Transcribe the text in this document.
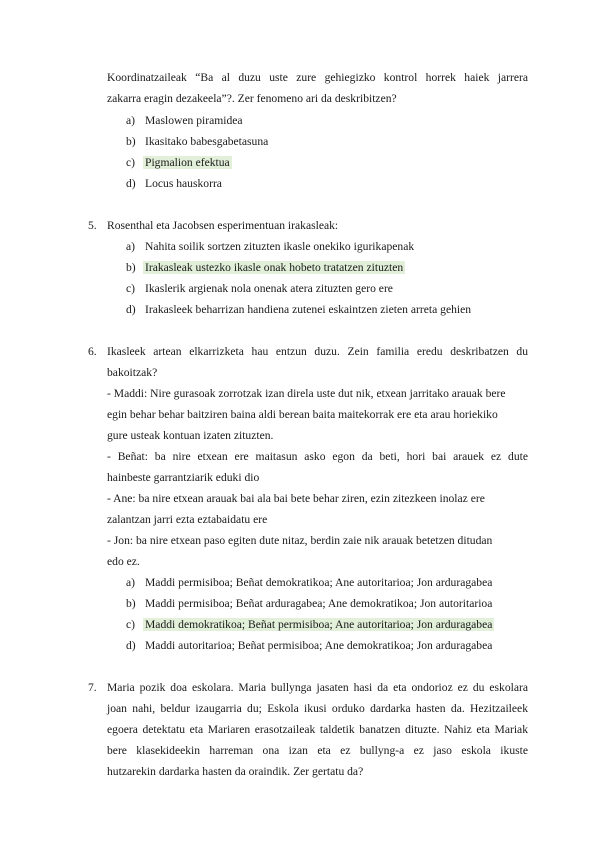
Koordinatzaileak “Ba al duzu uste zure gehiegizko kontrol horrek haiek jarrera
zakarra eragin dezakeela”?. Zer fenomeno ari da deskribitzen?
a) Maslowen piramidea
b) Ikasitako babesgabetasuna
c) Pigmalion efektua
d) Locus hauskorra
5. Rosenthal eta Jacobsen esperimentuan irakasleak:
a) Nahita soilik sortzen zituzten ikasle onekiko igurikapenak
b) Irakasleak ustezko ikasle onak hobeto tratatzen zituzten
c) Ikaslerik argienak nola onenak atera zituzten gero ere
d) Irakasleek beharrizan handiena zutenei eskaintzen zieten arreta gehien
6. Ikasleek artean elkarrizketa hau entzun duzu. Zein familia eredu deskribatzen du
bakoitzak?
- Maddi: Nire gurasoak zorrotzak izan direla uste dut nik, etxean jarritako arauak bere
egin behar behar baitziren baina aldi berean baita maitekorrak ere eta arau horiekiko
gure usteak kontuan izaten zituzten.
- Beñat: ba nire etxean ere maitasun asko egon da beti, hori bai arauek ez dute
hainbeste garrantziarik eduki dio
- Ane: ba nire etxean arauak bai ala bai bete behar ziren, ezin zitezkeen inolaz ere
zalantzan jarri ezta eztabaidatu ere
- Jon: ba nire etxean paso egiten dute nitaz, berdin zaie nik arauak betetzen ditudan
edo ez.
a) Maddi permisiboa; Beñat demokratikoa; Ane autoritarioa; Jon arduragabea
b) Maddi permisiboa; Beñat arduragabea; Ane demokratikoa; Jon autoritarioa
c) Maddi demokratikoa; Beñat permisiboa; Ane autoritarioa; Jon arduragabea
d) Maddi autoritarioa; Beñat permisiboa; Ane demokratikoa; Jon arduragabea
7. Maria pozik doa eskolara. Maria bullynga jasaten hasi da eta ondorioz ez du eskolara
joan nahi, beldur izaugarria du; Eskola ikusi orduko dardarka hasten da. Hezitzaileek
egoera detektatu eta Mariaren erasotzaileak taldetik banatzen dituzte. Nahiz eta Mariak
bere klasekideekin harreman ona izan eta ez bullyng-a ez jaso eskola ikuste
hutzarekin dardarka hasten da oraindik. Zer gertatu da?
